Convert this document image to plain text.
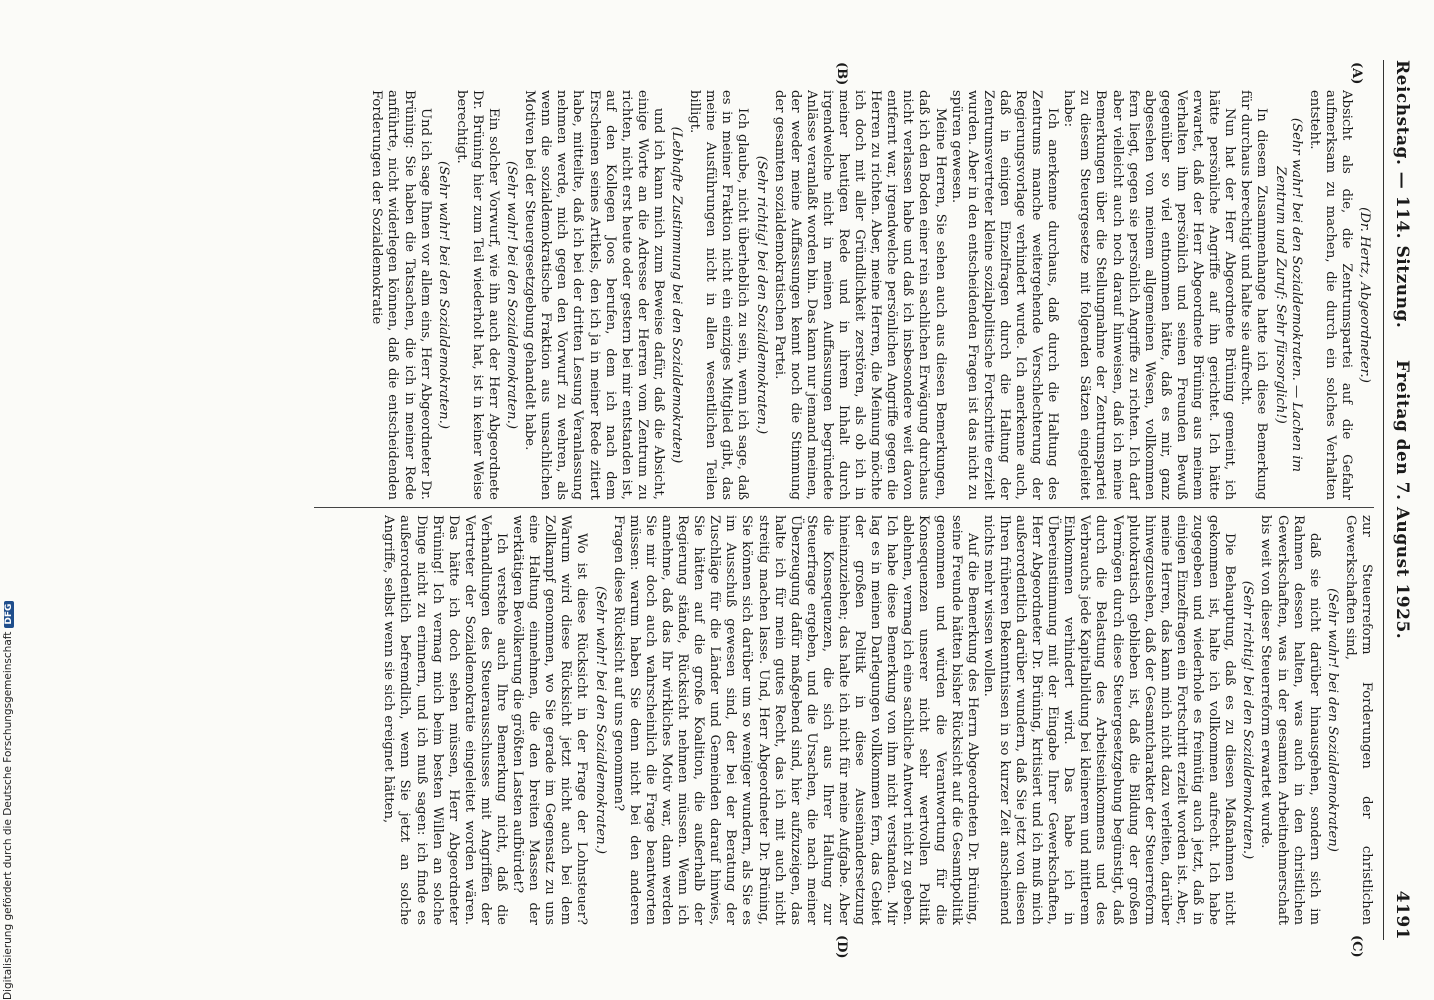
Reichstag. — 114. Sitzung.
Freitag den 7. August 1925.
4191

(Dr. Hertz, Abgeordneter.)

Absicht als die, die Zentrumspartei auf die Gefahr aufmerksam zu machen, die durch ein solches Verhalten entsteht.

(Sehr wahr! bei den Sozialdemokraten. — Lachen im Zentrum und Zuruf: Sehr fürsorglich!)

In diesem Zusammenhange hatte ich diese Bemerkung für durchaus berechtigt und halte sie aufrecht.

Nun hat der Herr Abgeordnete Brüning gemeint, ich hätte persönliche Angriffe auf ihn gerichtet. Ich hätte erwartet, daß der Herr Abgeordnete Brüning aus meinem Verhalten ihm persönlich und seinen Freunden Bewuß gegenüber so viel entnommen hätte, daß es mir, ganz abgesehen von meinem allgemeinen Wesen, vollkommen fern liegt, gegen sie persönlich Angriffe zu richten. Ich darf aber vielleicht auch noch darauf hinweisen, daß ich meine Bemerkungen über die Stellungnahme der Zentrumspartei zu diesem Steuergesetze mit folgenden Sätzen eingeleitet habe:

Ich anerkenne durchaus, daß durch die Haltung des Zentrums manche weitergehende Verschlechterung der Regierungsvorlage verhindert wurde. Ich anerkenne auch, daß in einigen Einzelfragen durch die Haltung der Zentrumsvertreter kleine sozialpolitische Fortschritte erzielt wurden. Aber in den entscheidenden Fragen ist das nicht zu spüren gewesen.

Meine Herren, Sie sehen auch aus diesen Bemerkungen, daß ich den Boden einer rein sachlichen Erwägung durchaus nicht verlassen habe und daß ich insbesondere weit davon entfernt war, irgendwelche persönlichen Angriffe gegen die Herren zu richten. Aber, meine Herren, die Meinung möchte ich doch mit aller Gründlichkeit zerstören, als ob ich in meiner heutigen Rede und in ihrem Inhalt durch irgendwelche nicht in meinen Auffassungen begründete Anlässe veranlaßt worden bin. Das kann nur jemand meinen, der weder meine Auffassungen kennt noch die Stimmung der gesamten sozialdemokratischen Partei.

(Sehr richtig! bei den Sozialdemokraten.)

Ich glaube, nicht überheblich zu sein, wenn ich sage, daß es in meiner Fraktion nicht ein einziges Mitglied gibt, das meine Ausführungen nicht in allen wesentlichen Teilen billigt.

(Lebhafte Zustimmung bei den Sozialdemokraten)

und ich kann mich zum Beweise dafür, daß die Absicht, einige Worte an die Adresse der Herren vom Zentrum zu richten, nicht erst heute oder gestern bei mir entstanden ist, auf den Kollegen Joos berufen, dem ich nach dem Erscheinen seines Artikels, den ich ja in meiner Rede zitiert habe, mitteilte, daß ich bei der dritten Lesung Veranlassung nehmen werde, mich gegen den Vorwurf zu wehren, als wenn die sozialdemokratische Fraktion aus unsachlichen Motiven bei der Steuergesetzgebung gehandelt habe.

(Sehr wahr! bei den Sozialdemokraten.)

Ein solcher Vorwurf, wie ihn auch der Herr Abgeordnete Dr. Brüning hier zum Teil wiederholt hat, ist in keiner Weise berechtigt.

(Sehr wahr! bei den Sozialdemokraten.)

Und ich sage Ihnen vor allem eins, Herr Abgeordneter Dr. Brüning: Sie haben die Tatsachen, die ich in meiner Rede anführte, nicht widerlegen können, daß die entscheidenden Forderungen der Sozialdemokratie

zur Steuerreform Forderungen der christlichen Gewerkschaften sind,

(Sehr wahr! bei den Sozialdemokraten)

daß sie nicht darüber hinausgehen, sondern sich im Rahmen dessen halten, was auch in den christlichen Gewerkschaften, was in der gesamten Arbeitnehmerschaft bis weit von dieser Steuerreform erwartet wurde.

(Sehr richtig! bei den Sozialdemokraten.)

Die Behauptung, daß es zu diesen Maßnahmen nicht gekommen ist, halte ich vollkommen aufrecht. Ich habe zugegeben und wiederhole es freimütig auch jetzt, daß in einigen Einzelfragen ein Fortschritt erzielt worden ist. Aber, meine Herren, das kann mich nicht dazu verleiten, darüber hinwegzusehen, daß der Gesamtcharakter der Steuerreform plutokratisch geblieben ist, daß die Bildung der großen Vermögen durch diese Steuergesetzgebung begünstigt, daß durch die Belastung des Arbeitseinkommens und des Verbrauchs jede Kapitalbildung bei kleinerem und mittlerem Einkommen verhindert wird. Das habe ich in Übereinstimmung mit der Eingabe Ihrer Gewerkschaften, Herr Abgeordneter Dr. Brüning, kritisiert und ich muß mich außerordentlich darüber wundern, daß Sie jetzt von diesen Ihren früheren Bekenntnissen in so kurzer Zeit anscheinend nichts mehr wissen wollen.

Auf die Bemerkung des Herrn Abgeordneten Dr. Brüning, seine Freunde hätten bisher Rücksicht auf die Gesamtpolitik genommen und würden die Verantwortung für die Konsequenzen unserer nicht sehr wertvollen Politik ablehnen, vermag ich eine sachliche Antwort nicht zu geben. Ich habe diese Bemerkung von ihm nicht verstanden. Mir lag es in meinen Darlegungen vollkommen fern, das Gebiet der großen Politik in diese Auseinandersetzung hineinzuziehen; das halte ich nicht für meine Aufgabe. Aber die Konsequenzen, die sich aus Ihrer Haltung zur Steuerfrage ergeben, und die Ursachen, die nach meiner Überzeugung dafür maßgebend sind, hier aufzuzeigen, das halte ich für mein gutes Recht, das ich mit auch nicht streitig machen lasse. Und, Herr Abgeordneter Dr. Brüning, Sie können sich darüber um so weniger wundern, als Sie es im Ausschuß gewesen sind, der bei der Beratung der Zuschläge für die Länder und Gemeinden darauf hinwies, Sie hätten auf die große Koalition, die außerhalb der Regierung stände, Rücksicht nehmen müssen. Wenn ich annehme, daß das Ihr wirkliches Motiv war, dann werden Sie mir doch auch wahrscheinlich die Frage beantworten müssen: warum haben Sie denn nicht bei den anderen Fragen diese Rücksicht auf uns genommen?

(Sehr wahr! bei den Sozialdemokraten.)

Wo ist diese Rücksicht in der Frage der Lohnsteuer? Warum wird diese Rücksicht jetzt nicht auch bei dem Zollkampf genommen, wo Sie gerade im Gegensatz zu uns eine Haltung einnehmen, die den breiten Massen der werktätigen Bevölkerung die größten Lasten aufbürdet?

Ich verstehe auch Ihre Bemerkung nicht, daß die Verhandlungen des Steuerausschusses mit Angriffen der Vertreter der Sozialdemokratie eingeleitet worden wären. Das hätte ich doch sehen müssen, Herr Abgeordneter Brüning! Ich vermag mich beim besten Willen an solche Dinge nicht zu erinnern, und ich muß sagen: ich finde es außerordentlich befremdlich, wenn Sie jetzt an solche Angriffe, selbst wenn sie sich ereignet hätten,

(A)
(B)
(C)
(D)
Digitalisierung gefördert durch die Deutsche ForschungsgemeinschaftDFG
